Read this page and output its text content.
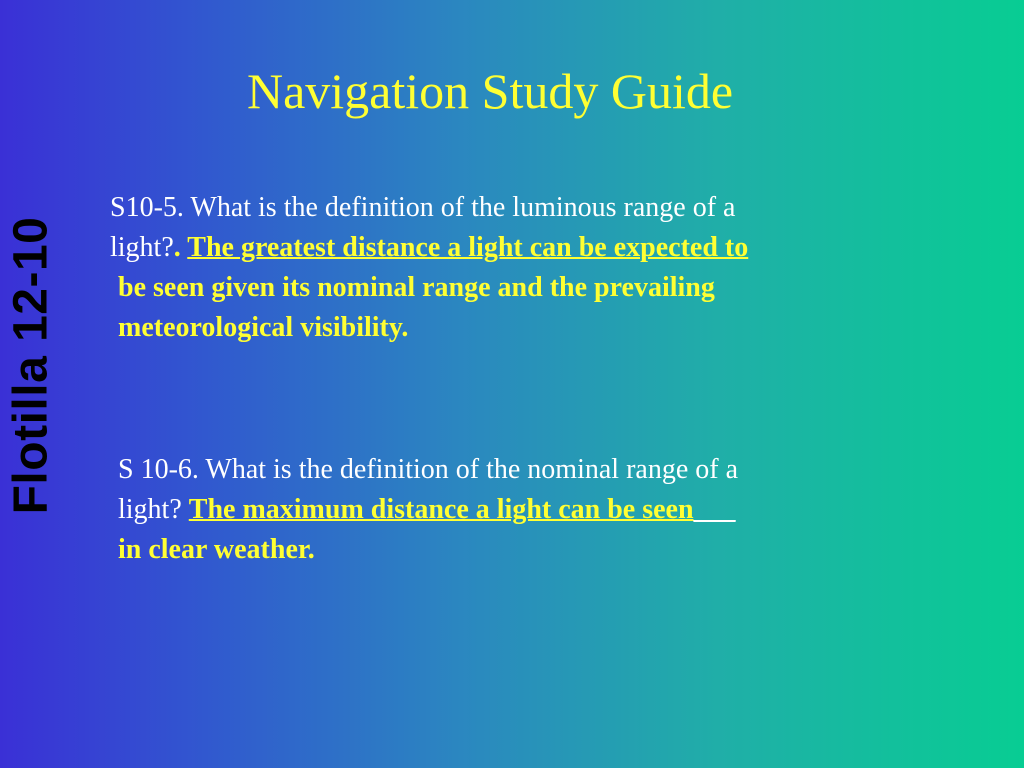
Flotilla 12-10
Navigation Study Guide
S10-5. What is the definition of the luminous range of a
light?. The greatest distance a light can be expected to
be seen given its nominal range and the prevailing
meteorological visibility.
S 10-6. What is the definition of the nominal range of a
light? The maximum distance a light can be seen___
in clear weather.
